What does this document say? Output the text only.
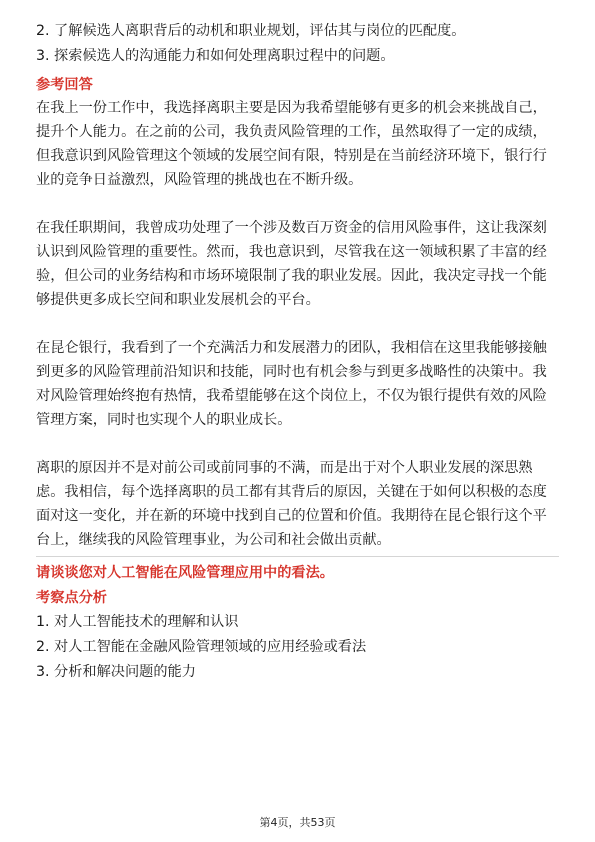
2. 了解候选人离职背后的动机和职业规划，评估其与岗位的匹配度。
3. 探索候选人的沟通能力和如何处理离职过程中的问题。
参考回答
在我上一份工作中，我选择离职主要是因为我希望能够有更多的机会来挑战自己，
提升个人能力。在之前的公司，我负责风险管理的工作，虽然取得了一定的成绩，
但我意识到风险管理这个领域的发展空间有限，特别是在当前经济环境下，银行行
业的竞争日益激烈，风险管理的挑战也在不断升级。
在我任职期间，我曾成功处理了一个涉及数百万资金的信用风险事件，这让我深刻
认识到风险管理的重要性。然而，我也意识到，尽管我在这一领域积累了丰富的经
验，但公司的业务结构和市场环境限制了我的职业发展。因此，我决定寻找一个能
够提供更多成长空间和职业发展机会的平台。
在昆仑银行，我看到了一个充满活力和发展潜力的团队，我相信在这里我能够接触
到更多的风险管理前沿知识和技能，同时也有机会参与到更多战略性的决策中。我
对风险管理始终抱有热情，我希望能够在这个岗位上，不仅为银行提供有效的风险
管理方案，同时也实现个人的职业成长。
离职的原因并不是对前公司或前同事的不满，而是出于对个人职业发展的深思熟
虑。我相信，每个选择离职的员工都有其背后的原因，关键在于如何以积极的态度
面对这一变化，并在新的环境中找到自己的位置和价值。我期待在昆仑银行这个平
台上，继续我的风险管理事业，为公司和社会做出贡献。
请谈谈您对人工智能在风险管理应用中的看法。
考察点分析
1. 对人工智能技术的理解和认识
2. 对人工智能在金融风险管理领域的应用经验或看法
3. 分析和解决问题的能力
第4页，共53页
